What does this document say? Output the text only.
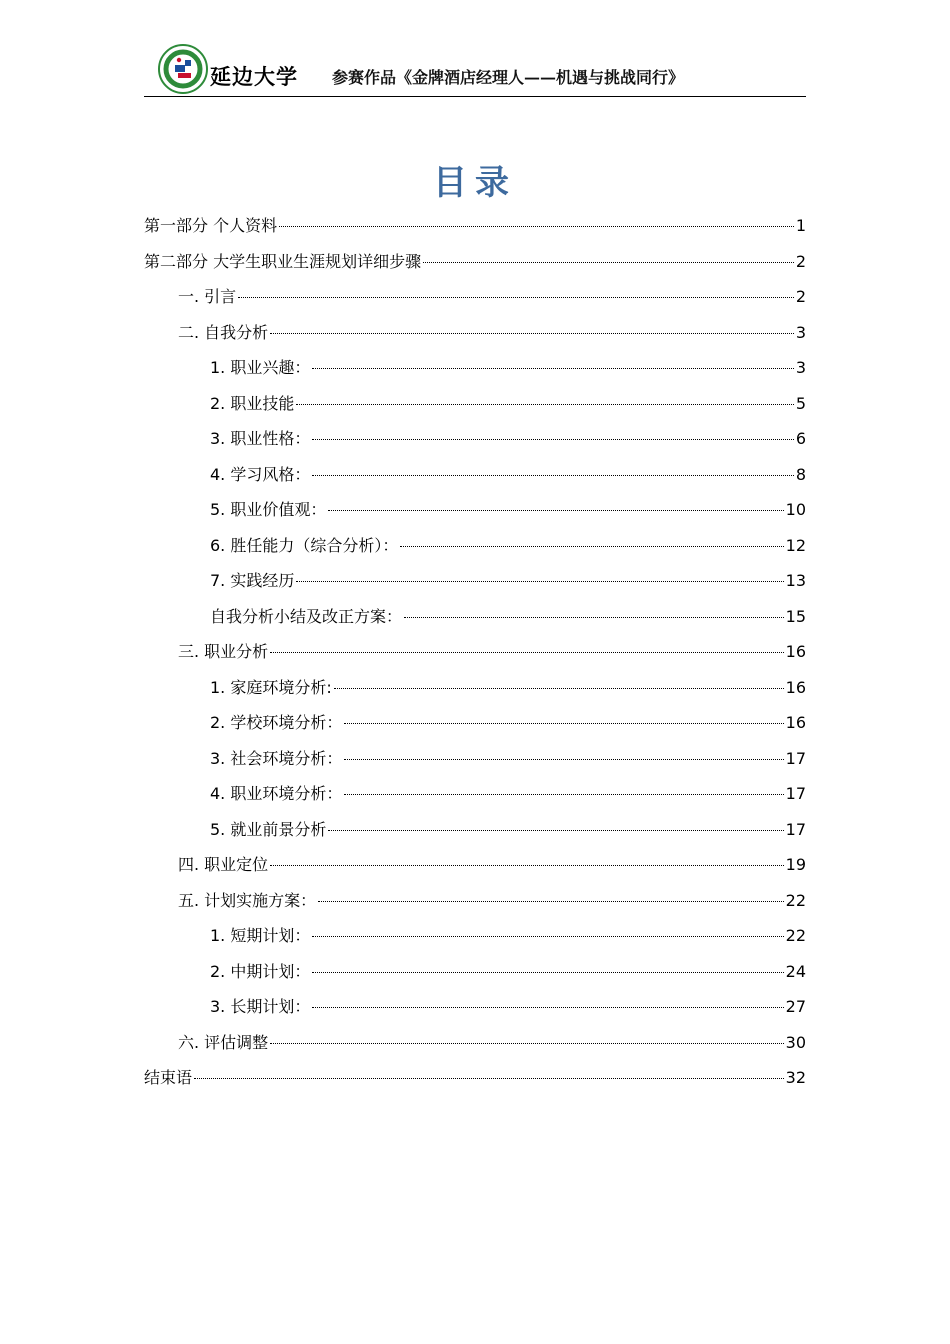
延边大学 参赛作品《金牌酒店经理人——机遇与挑战同行》
目录
第一部分 个人资料	1
第二部分 大学生职业生涯规划详细步骤	2
一. 引言	2
二. 自我分析	3
1. 职业兴趣：	3
2. 职业技能	5
3. 职业性格：	6
4. 学习风格：	8
5. 职业价值观：	10
6. 胜任能力（综合分析）：	12
7. 实践经历	13
自我分析小结及改正方案：	15
三. 职业分析	16
1. 家庭环境分析:	16
2. 学校环境分析：	16
3. 社会环境分析：	17
4. 职业环境分析：	17
5. 就业前景分析	17
四. 职业定位	19
五. 计划实施方案：	22
1. 短期计划：	22
2. 中期计划：	24
3. 长期计划：	27
六. 评估调整	30
结束语	32
